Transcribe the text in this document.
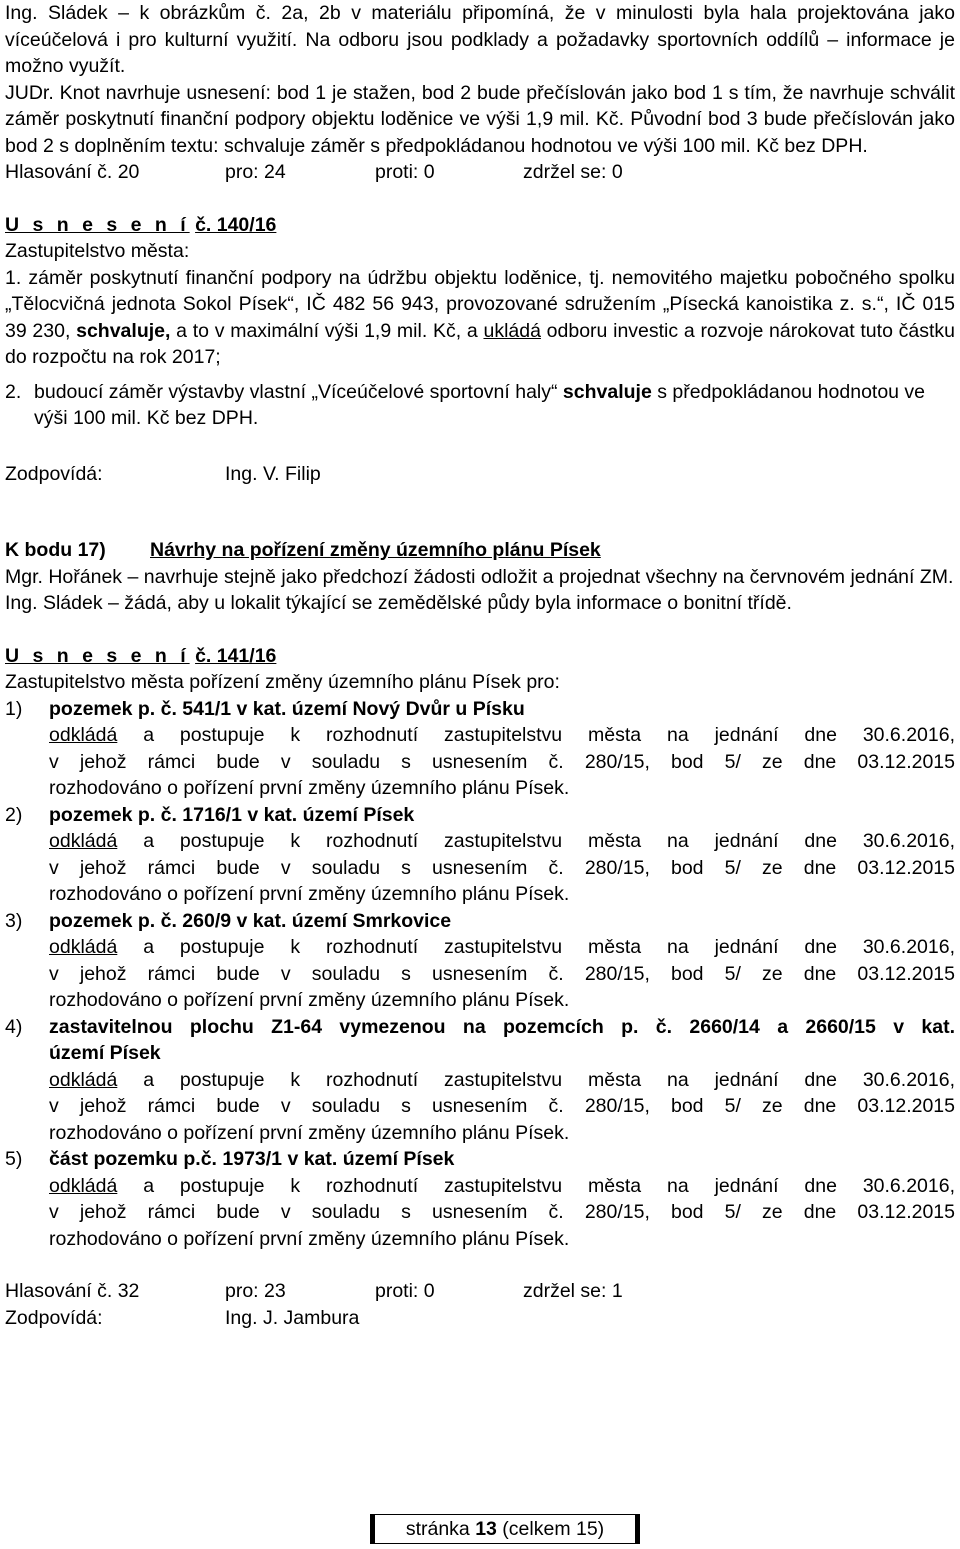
Ing. Sládek – k obrázkům č. 2a, 2b v materiálu připomíná, že v minulosti byla hala projektována jako víceúčelová i pro kulturní využití. Na odboru jsou podklady a požadavky sportovních oddílů – informace je možno využít.

JUDr. Knot navrhuje usnesení: bod 1 je stažen, bod 2 bude přečíslován jako bod 1 s tím, že navrhuje schválit záměr poskytnutí finanční podpory objektu loděnice ve výši 1,9 mil. Kč. Původní bod 3 bude přečíslován jako bod 2 s doplněním textu: schvaluje záměr s předpokládanou hodnotou ve výši 100 mil. Kč bez DPH.

Hlasování č. 20	pro: 24	proti: 0	zdržel se: 0

U s n e s e n í č. 140/16

Zastupitelstvo města:

1. záměr poskytnutí finanční podpory na údržbu objektu loděnice, tj. nemovitého majetku pobočného spolku „Tělocvičná jednota Sokol Písek“, IČ 482 56 943, provozované sdružením „Písecká kanoistika z. s.“, IČ 015 39 230, schvaluje, a to v maximální výši 1,9 mil. Kč, a ukládá odboru investic a rozvoje nárokovat tuto částku do rozpočtu na rok 2017;

2. budoucí záměr výstavby vlastní „Víceúčelové sportovní haly“ schvaluje s předpokládanou hodnotou ve výši 100 mil. Kč bez DPH.
Zodpovídá:	Ing. V. Filip

K bodu 17) Návrhy na pořízení změny územního plánu Písek

Mgr. Hořánek – navrhuje stejně jako předchozí žádosti odložit a projednat všechny na červnovém jednání ZM.

Ing. Sládek – žádá, aby u lokalit týkající se zemědělské půdy byla informace o bonitní třídě.

U s n e s e n í č. 141/16

Zastupitelstvo města pořízení změny územního plánu Písek pro:

1)	pozemek p. č. 541/1 v kat. území Nový Dvůr u Písku

odkládá a postupuje k rozhodnutí zastupitelstvu města na jednání dne 30.6.2016,

v jehož rámci bude v souladu s usnesením č. 280/15, bod 5/ ze dne 03.12.2015

rozhodováno o pořízení první změny územního plánu Písek.

2)	pozemek p. č. 1716/1 v kat. území Písek

odkládá a postupuje k rozhodnutí zastupitelstvu města na jednání dne 30.6.2016,

v jehož rámci bude v souladu s usnesením č. 280/15, bod 5/ ze dne 03.12.2015

rozhodováno o pořízení první změny územního plánu Písek.

3)	pozemek p. č. 260/9 v kat. území Smrkovice

odkládá a postupuje k rozhodnutí zastupitelstvu města na jednání dne 30.6.2016,

v jehož rámci bude v souladu s usnesením č. 280/15, bod 5/ ze dne 03.12.2015

rozhodováno o pořízení první změny územního plánu Písek.

4)	zastavitelnou plochu Z1-64 vymezenou na pozemcích p. č. 2660/14 a 2660/15 v kat.

území Písek

odkládá a postupuje k rozhodnutí zastupitelstvu města na jednání dne 30.6.2016,

v jehož rámci bude v souladu s usnesením č. 280/15, bod 5/ ze dne 03.12.2015

rozhodováno o pořízení první změny územního plánu Písek.

5)	část pozemku p.č. 1973/1 v kat. území Písek

odkládá a postupuje k rozhodnutí zastupitelstvu města na jednání dne 30.6.2016,

v jehož rámci bude v souladu s usnesením č. 280/15, bod 5/ ze dne 03.12.2015

rozhodováno o pořízení první změny územního plánu Písek.

Hlasování č. 32	pro: 23	proti: 0	zdržel se: 1
Zodpovídá:	Ing. J. Jambura
stránka 13 (celkem 15)
